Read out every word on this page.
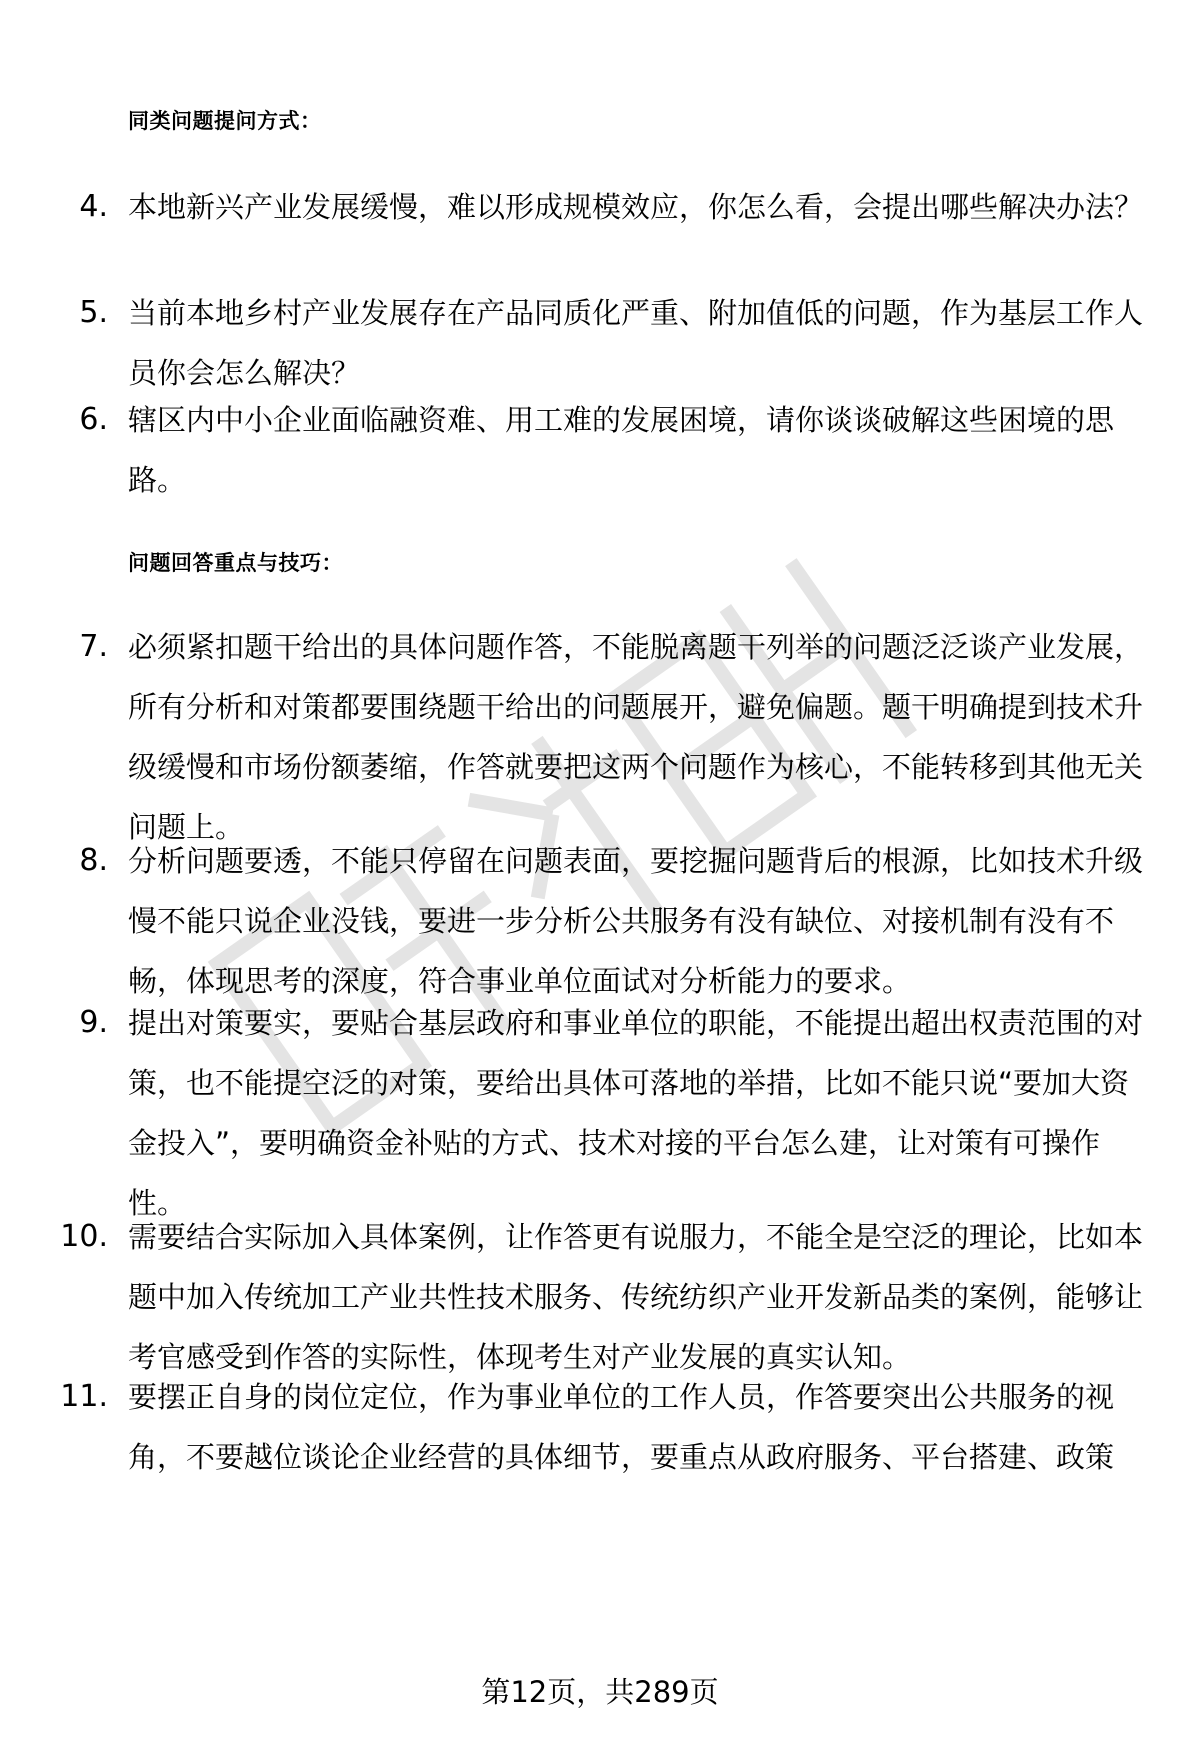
同类问题提问方式：
4. 本地新兴产业发展缓慢，难以形成规模效应，你怎么看，会提出哪些解决办法？
5. 当前本地乡村产业发展存在产品同质化严重、附加值低的问题，作为基层工作人员你会怎么解决？
6. 辖区内中小企业面临融资难、用工难的发展困境，请你谈谈破解这些困境的思路。
问题回答重点与技巧：
7. 必须紧扣题干给出的具体问题作答，不能脱离题干列举的问题泛泛谈产业发展，所有分析和对策都要围绕题干给出的问题展开，避免偏题。题干明确提到技术升级缓慢和市场份额萎缩，作答就要把这两个问题作为核心，不能转移到其他无关问题上。
8. 分析问题要透，不能只停留在问题表面，要挖掘问题背后的根源，比如技术升级慢不能只说企业没钱，要进一步分析公共服务有没有缺位、对接机制有没有不畅，体现思考的深度，符合事业单位面试对分析能力的要求。
9. 提出对策要实，要贴合基层政府和事业单位的职能，不能提出超出权责范围的对策，也不能提空泛的对策，要给出具体可落地的举措，比如不能只说“要加大资金投入”，要明确资金补贴的方式、技术对接的平台怎么建，让对策有可操作性。
10. 需要结合实际加入具体案例，让作答更有说服力，不能全是空泛的理论，比如本题中加入传统加工产业共性技术服务、传统纺织产业开发新品类的案例，能够让考官感受到作答的实际性，体现考生对产业发展的真实认知。
11. 要摆正自身的岗位定位，作为事业单位的工作人员，作答要突出公共服务的视角，不要越位谈论企业经营的具体细节，要重点从政府服务、平台搭建、政策
第12页，共289页
